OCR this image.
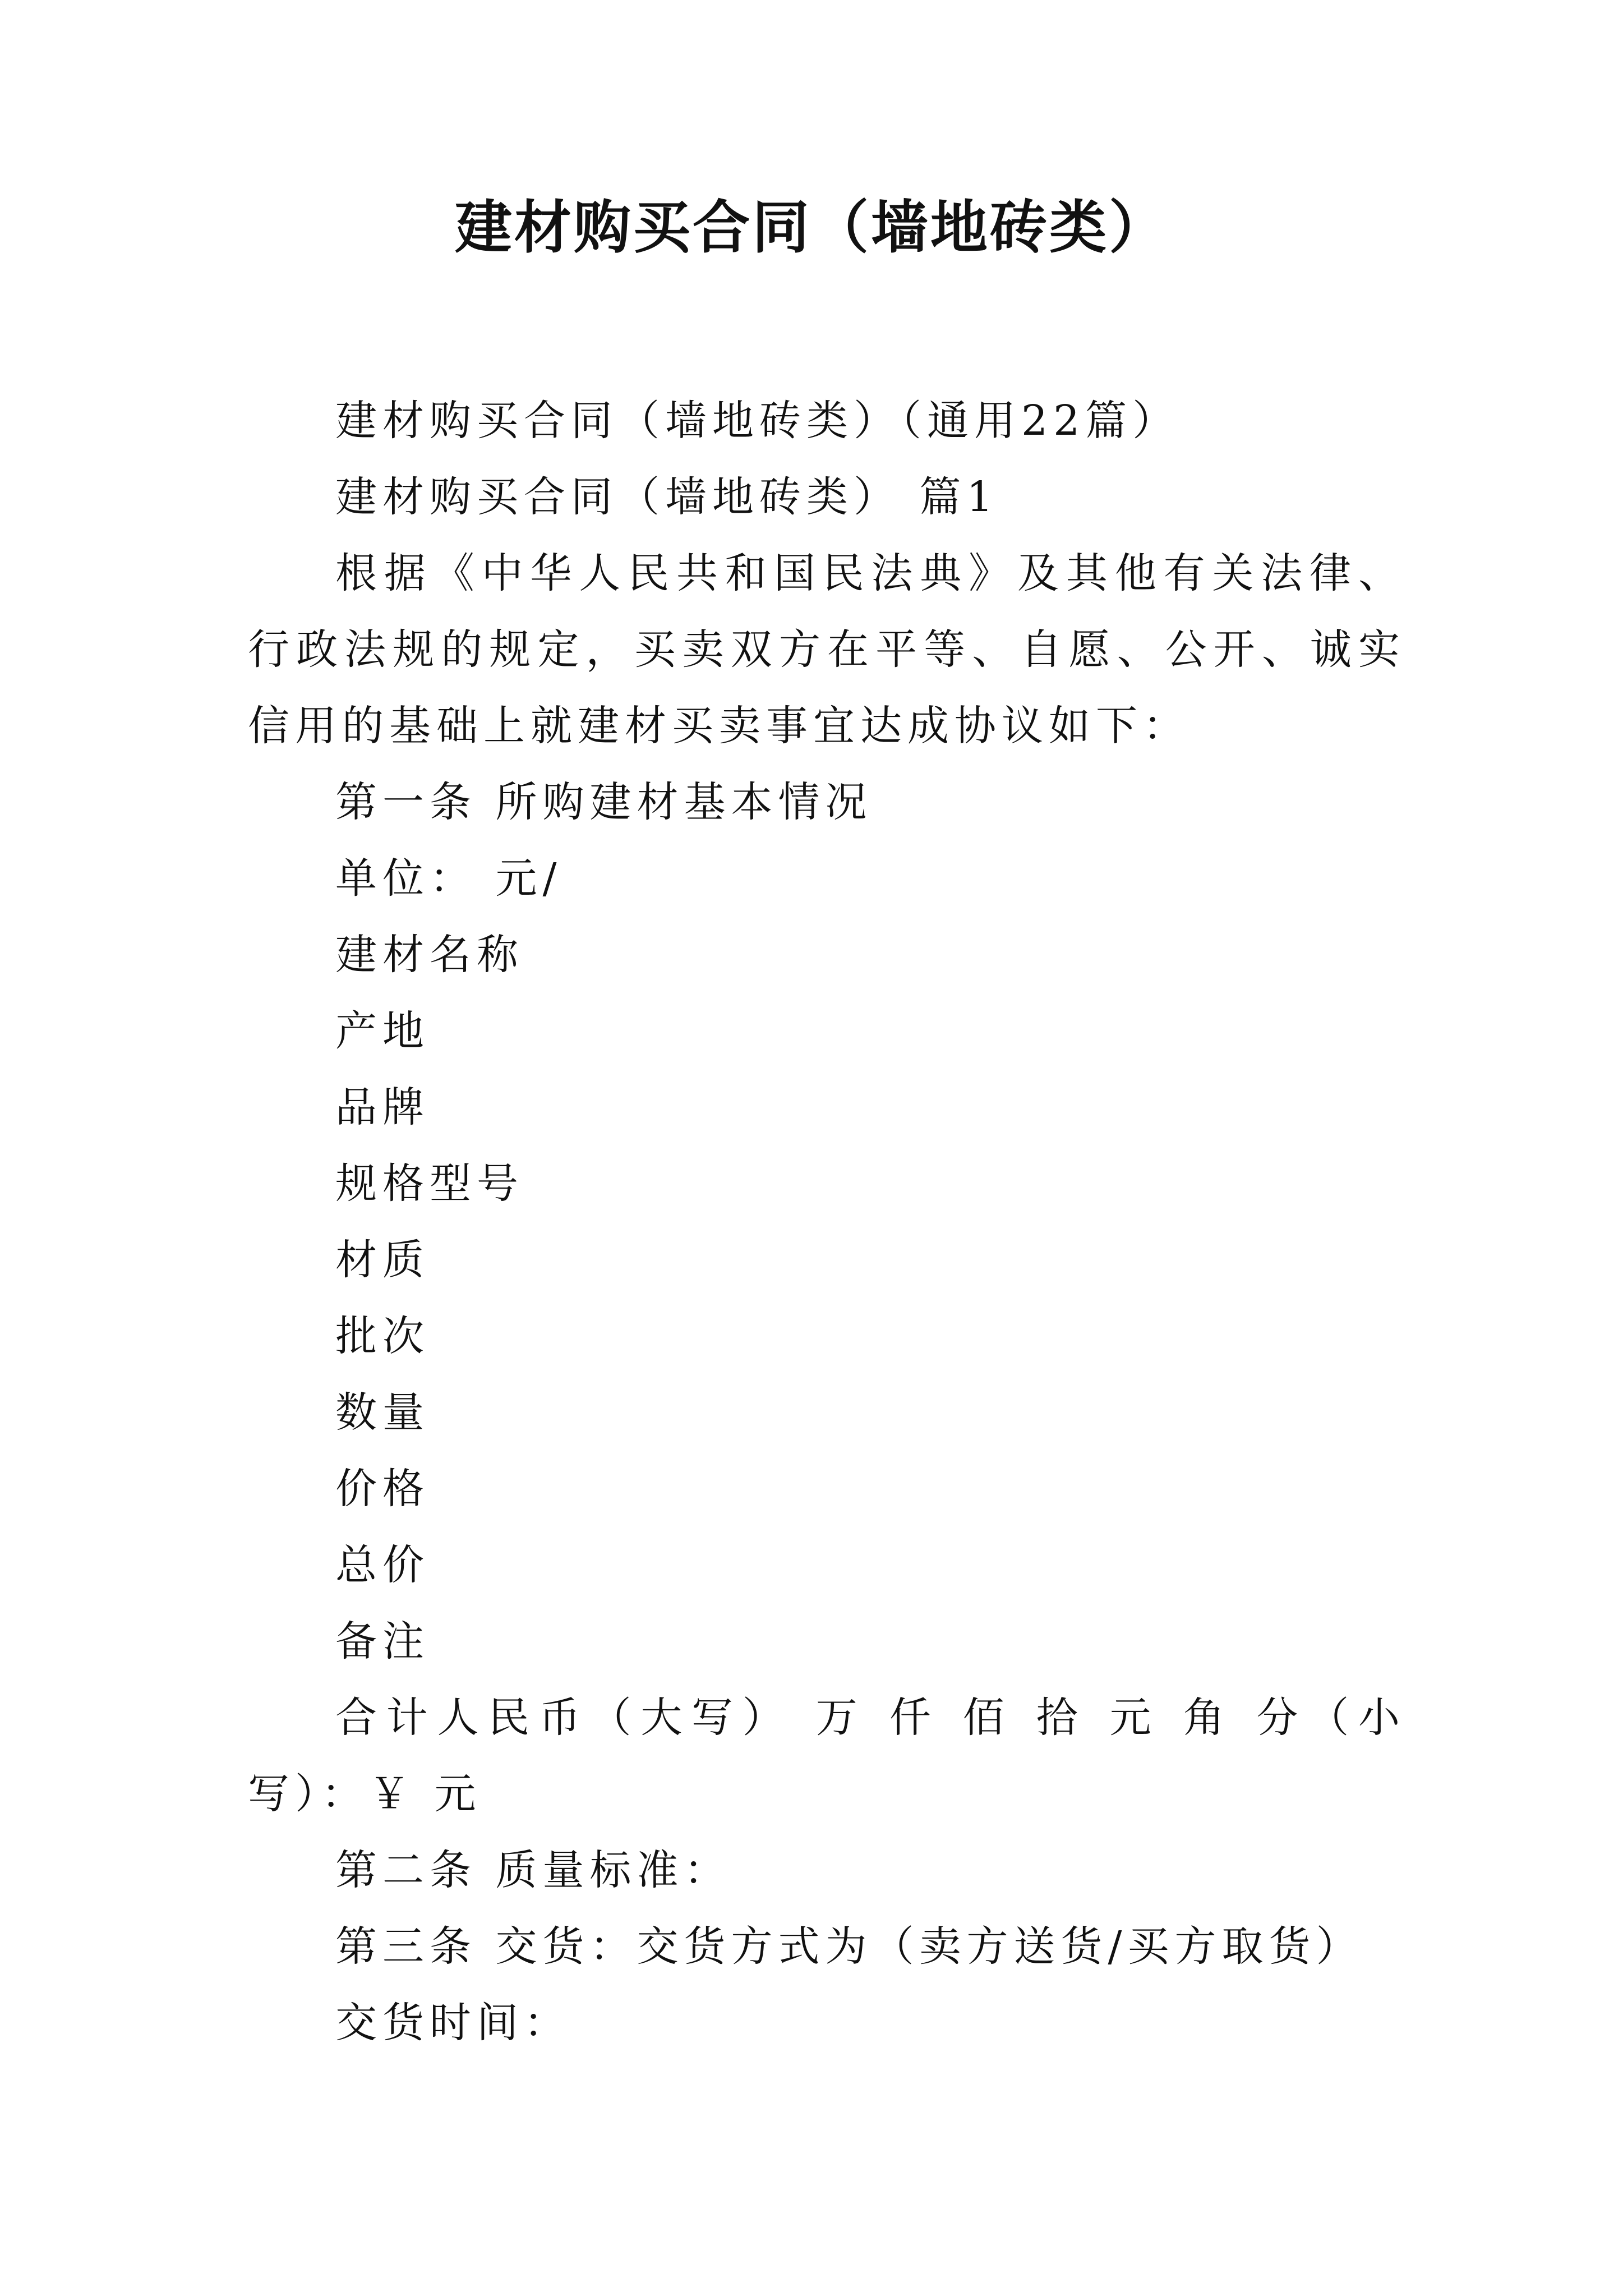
建材购买合同（墙地砖类）

建材购买合同（墙地砖类）（通用22篇）

建材购买合同（墙地砖类） 篇1

根据《中华人民共和国民法典》及其他有关法律、行政法规的规定，买卖双方在平等、自愿、公开、诚实信用的基础上就建材买卖事宜达成协议如下：

第一条 所购建材基本情况

单位： 元/

建材名称

产地

品牌

规格型号

材质

批次

数量

价格

总价

备注

合计人民币（大写） 万 仟 佰 拾 元 角 分（小写）：￥ 元

第二条 质量标准：

第三条 交货：交货方式为（卖方送货/买方取货）

交货时间：
